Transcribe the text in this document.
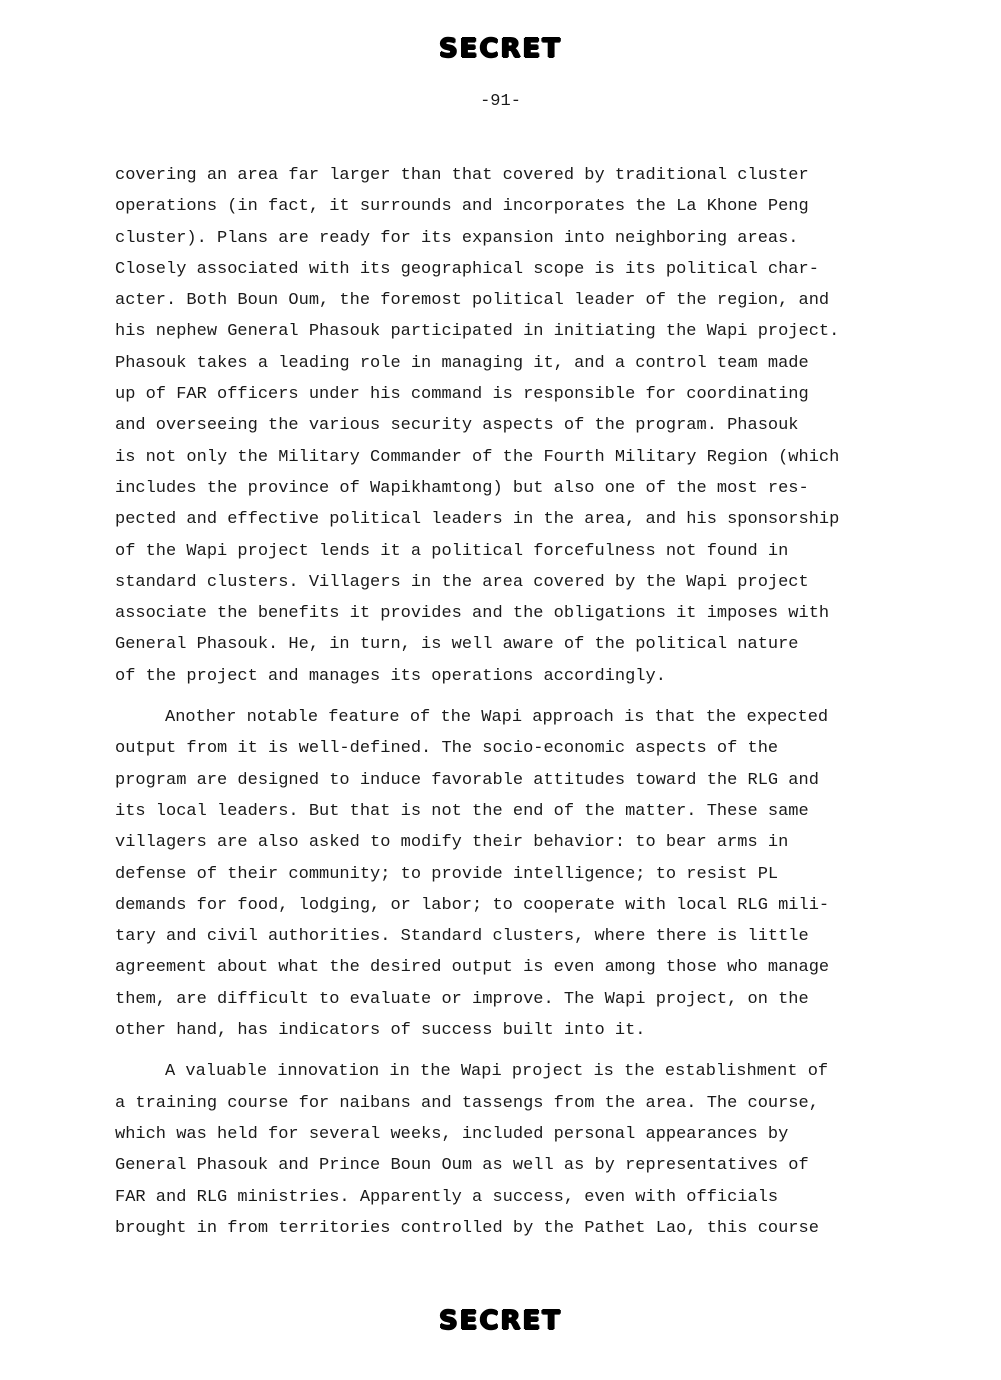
SECRET
-91-

covering an area far larger than that covered by traditional cluster
operations (in fact, it surrounds and incorporates the La Khone Peng
cluster). Plans are ready for its expansion into neighboring areas.
Closely associated with its geographical scope is its political char-
acter. Both Boun Oum, the foremost political leader of the region, and
his nephew General Phasouk participated in initiating the Wapi project.
Phasouk takes a leading role in managing it, and a control team made
up of FAR officers under his command is responsible for coordinating
and overseeing the various security aspects of the program. Phasouk
is not only the Military Commander of the Fourth Military Region (which
includes the province of Wapikhamtong) but also one of the most res-
pected and effective political leaders in the area, and his sponsorship
of the Wapi project lends it a political forcefulness not found in
standard clusters. Villagers in the area covered by the Wapi project
associate the benefits it provides and the obligations it imposes with
General Phasouk. He, in turn, is well aware of the political nature
of the project and manages its operations accordingly.

Another notable feature of the Wapi approach is that the expected
output from it is well-defined. The socio-economic aspects of the
program are designed to induce favorable attitudes toward the RLG and
its local leaders. But that is not the end of the matter. These same
villagers are also asked to modify their behavior: to bear arms in
defense of their community; to provide intelligence; to resist PL
demands for food, lodging, or labor; to cooperate with local RLG mili-
tary and civil authorities. Standard clusters, where there is little
agreement about what the desired output is even among those who manage
them, are difficult to evaluate or improve. The Wapi project, on the
other hand, has indicators of success built into it.

A valuable innovation in the Wapi project is the establishment of
a training course for naibans and tassengs from the area. The course,
which was held for several weeks, included personal appearances by
General Phasouk and Prince Boun Oum as well as by representatives of
FAR and RLG ministries. Apparently a success, even with officials
brought in from territories controlled by the Pathet Lao, this course

SECRET
